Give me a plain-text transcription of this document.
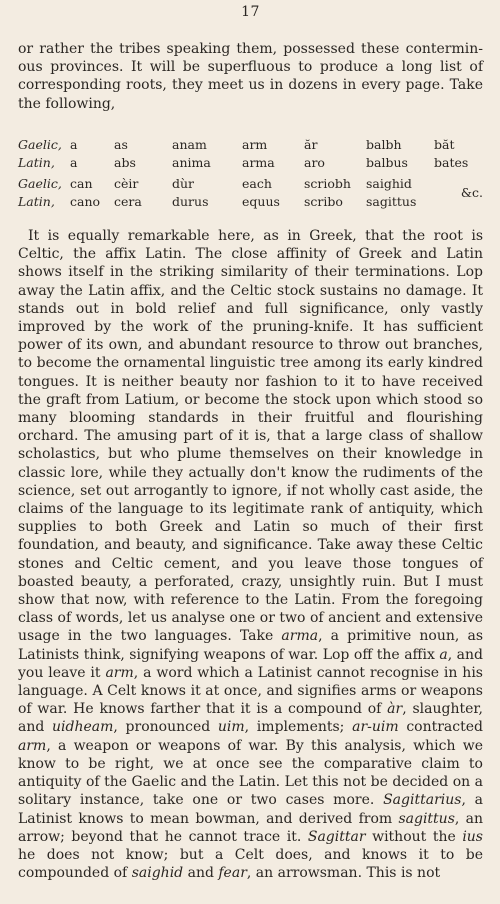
17

or rather the tribes speaking them, possessed these contermin- ous provinces. It will be superfluous to produce a long list of corresponding roots, they meet us in dozens in every page. Take the following,

Gaelic,	a	as	anam	arm	ăr	balbh	băt
Latin,	a	abs	anima	arma	aro	balbus	bates

Gaelic,	can	cèir	dùr	each	scriobh	saighid	&c.
Latin,	cano	cera	durus	equus	scribo	sagittus	

It is equally remarkable here, as in Greek, that the root is Celtic, the affix Latin. The close affinity of Greek and Latin shows itself in the striking similarity of their terminations. Lop away the Latin affix, and the Celtic stock sustains no damage. It stands out in bold relief and full significance, only vastly improved by the work of the pruning-knife. It has sufficient power of its own, and abundant resource to throw out branches, to become the ornamental linguistic tree among its early kindred tongues. It is neither beauty nor fashion to it to have received the graft from Latium, or become the stock upon which stood so many blooming standards in their fruitful and flourishing orchard. The amusing part of it is, that a large class of shallow scholastics, but who plume themselves on their knowledge in classic lore, while they actually don't know the rudiments of the science, set out arrogantly to ignore, if not wholly cast aside, the claims of the language to its legitimate rank of antiquity, which supplies to both Greek and Latin so much of their first foundation, and beauty, and significance. Take away these Celtic stones and Celtic cement, and you leave those tongues of boasted beauty, a perforated, crazy, unsightly ruin. But I must show that now, with reference to the Latin. From the foregoing class of words, let us analyse one or two of ancient and extensive usage in the two languages. Take arma, a primitive noun, as Latinists think, signifying weapons of war. Lop off the affix a, and you leave it arm, a word which a Latinist cannot recognise in his language. A Celt knows it at once, and signifies arms or weapons of war. He knows farther that it is a compound of àr, slaughter, and uidheam, pronounced uim, implements; ar-uim contracted arm, a weapon or weapons of war. By this analysis, which we know to be right, we at once see the comparative claim to antiquity of the Gaelic and the Latin. Let this not be decided on a solitary instance, take one or two cases more. Sagittarius, a Latinist knows to mean bowman, and derived from sagittus, an arrow; beyond that he cannot trace it. Sagittar without the ius he does not know; but a Celt does, and knows it to be compounded of saighid and fear, an arrowsman. This is not
